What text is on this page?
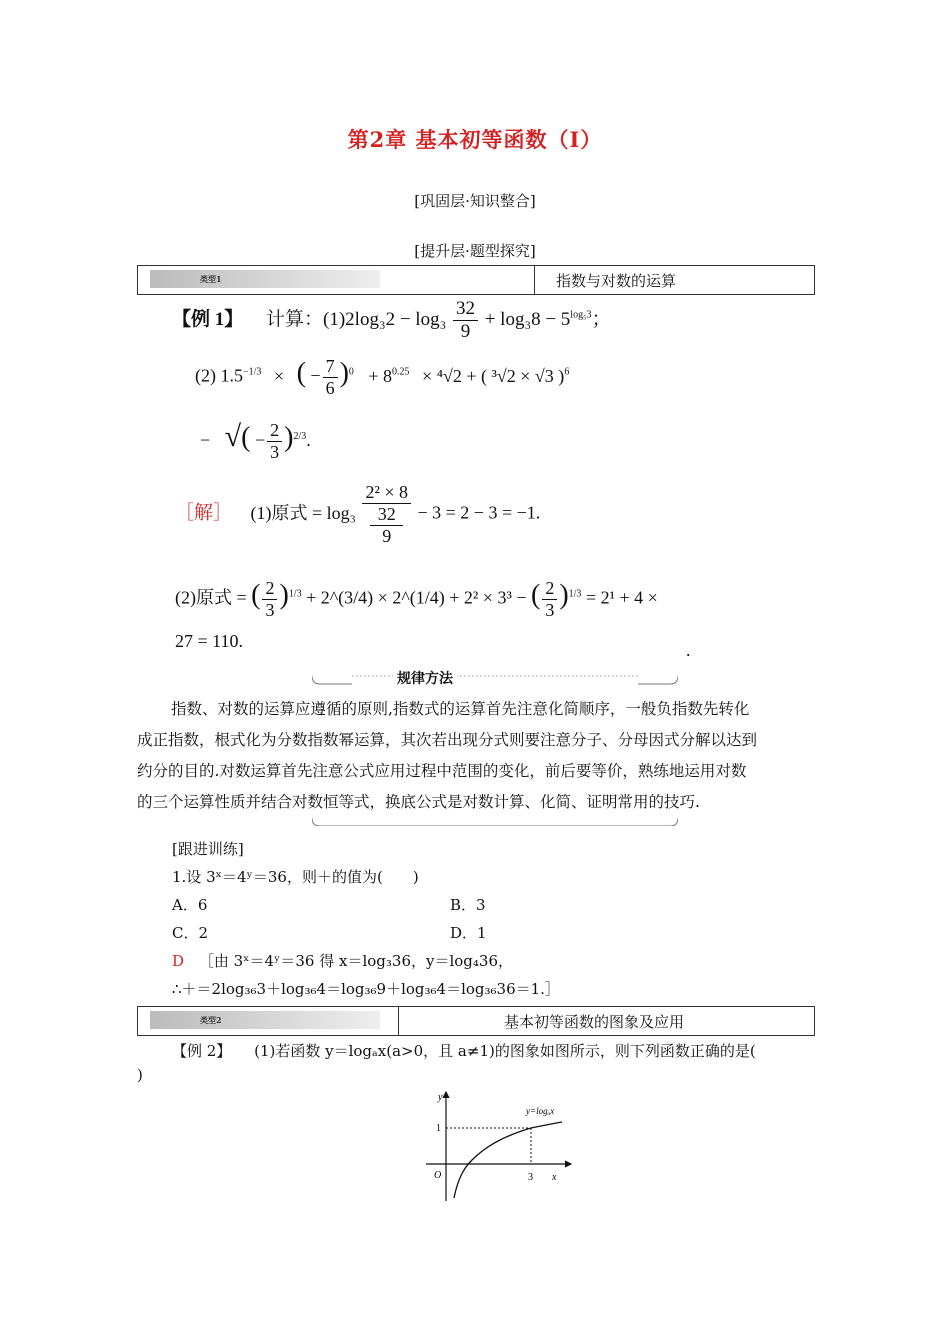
第2章 基本初等函数（Ⅰ）
[巩固层·知识整合]
[提升层·题型探究]
类型1	指数与对数的运算
【例 1】 计算：$(1)2\log_32 - \log_3 \frac{32}{9} + \log_38 - 5^{log_53}$；
(2) $1.5^{-1/3}$ × ( − $\frac{7}{6} )^0 + 8^{0.25} \times ^4√2$ + ( ³√2 × √3 )$^6$
− √( − $\frac{2}{3} )^{2/3}$.
［解］ (1)原式 = log₃ 2² × 8
32
9 − 3 = 2 − 3 = −1.
(2)原式 = ( $\frac{2}{3} )^{1/3}$ + 2^(3/4) × 2^(1/4) + 2² × 3³ − ( $\frac{2}{3} )^{1/3} = 2^1 + 4$ ×
27 = 110.	.
规律方法
指数、对数的运算应遵循的原则,指数式的运算首先注意化简顺序，一般负指数先转化
成正指数，根式化为分数指数幂运算，其次若出现分式则要注意分子、分母因式分解以达到
约分的目的.对数运算首先注意公式应用过程中范围的变化，前后要等价，熟练地运用对数
的三个运算性质并结合对数恒等式，换底公式是对数计算、化简、证明常用的技巧.
[跟进训练]
1.设 3ˣ＝4ʸ＝36，则＋的值为(　　)
A．6	B．3
C．2	D．1
D ［由 3ˣ＝4ʸ＝36 得 x＝log₃36，y＝log₄36，
∴＋＝2log₃₆3＋log₃₆4＝log₃₆9＋log₃₆4＝log₃₆36＝1.］
类型2	基本初等函数的图象及应用
【例 2】 (1)若函数 y＝logₐx(a>0，且 a≠1)的图象如图所示，则下列函数正确的是(
)
y
x
O	3
1
y=logₐx
